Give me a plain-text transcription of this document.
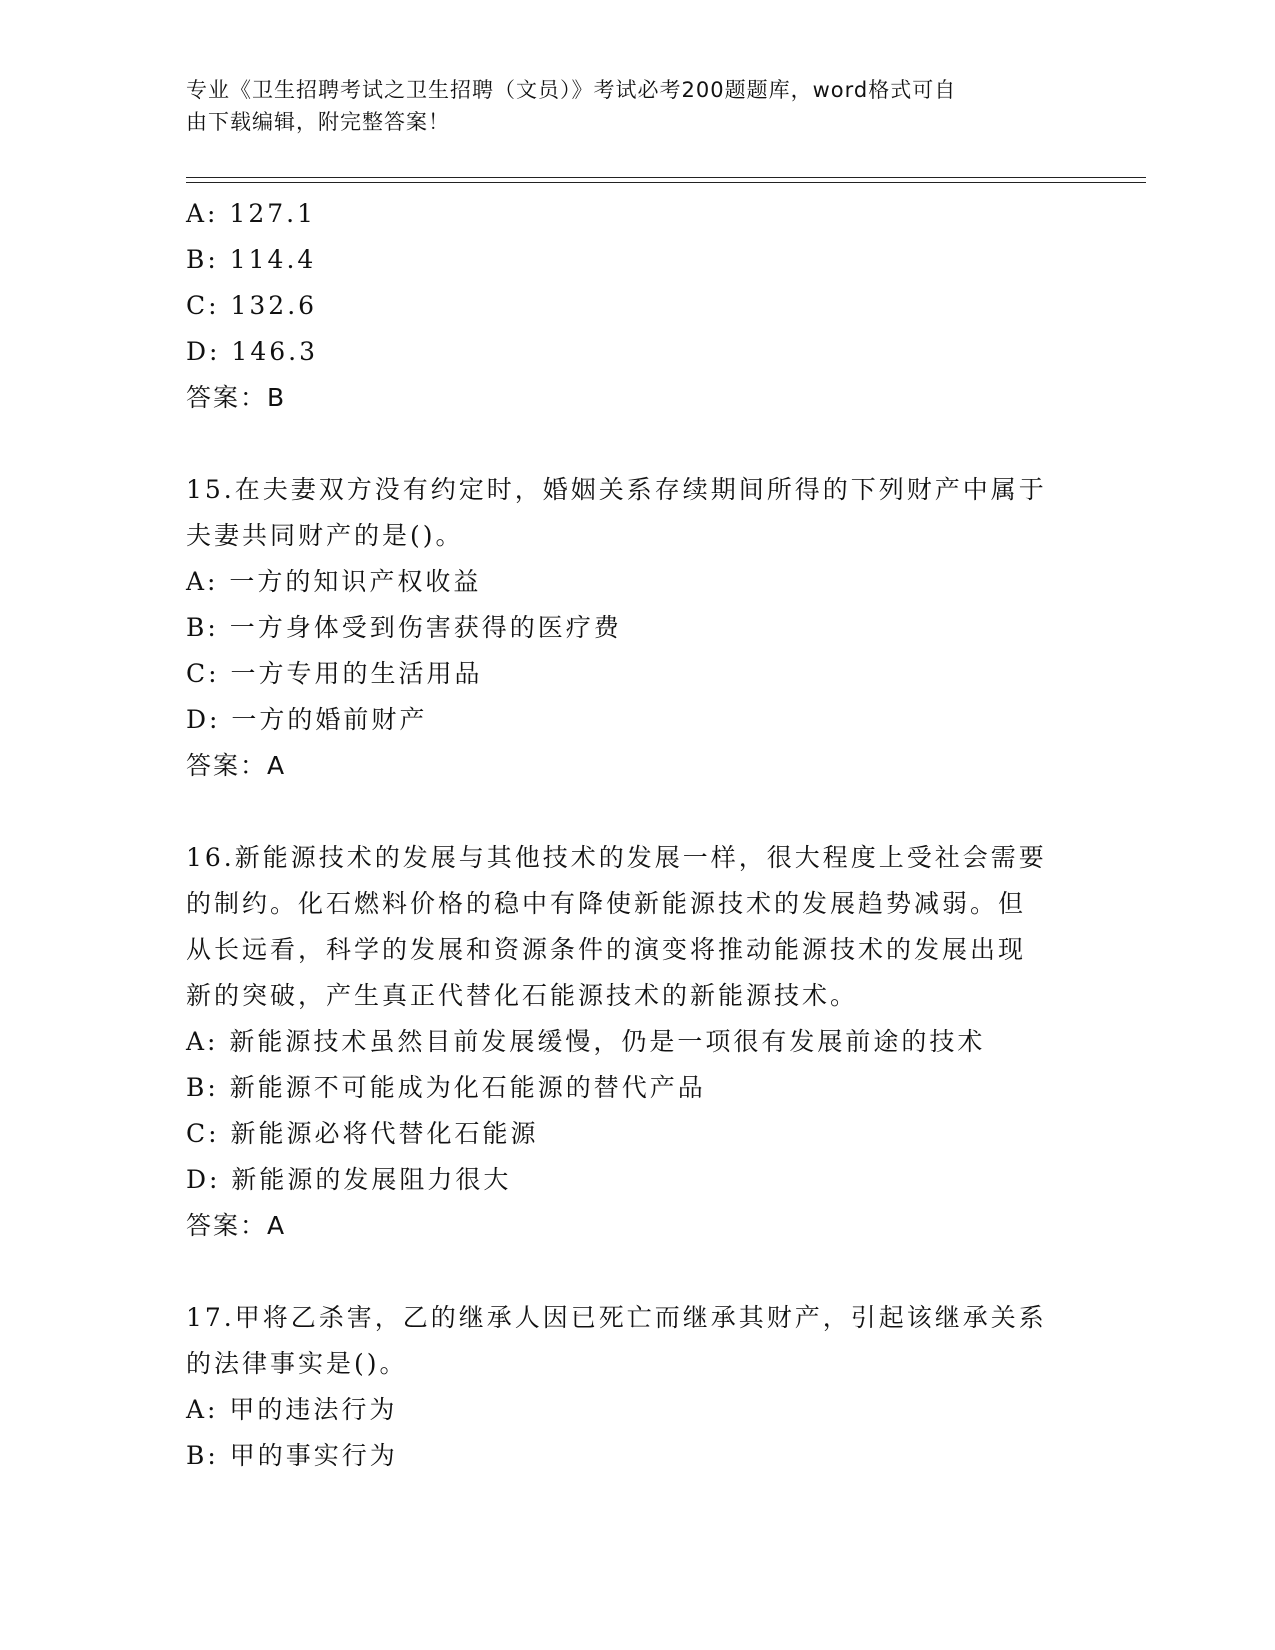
专业《卫生招聘考试之卫生招聘（文员）》考试必考200题题库，word格式可自
由下载编辑，附完整答案！
A: 127.1
B: 114.4
C: 132.6
D: 146.3
答案：B
15.在夫妻双方没有约定时，婚姻关系存续期间所得的下列财产中属于
夫妻共同财产的是()。
A: 一方的知识产权收益
B: 一方身体受到伤害获得的医疗费
C: 一方专用的生活用品
D: 一方的婚前财产
答案：A
16.新能源技术的发展与其他技术的发展一样，很大程度上受社会需要
的制约。化石燃料价格的稳中有降使新能源技术的发展趋势减弱。但
从长远看，科学的发展和资源条件的演变将推动能源技术的发展出现
新的突破，产生真正代替化石能源技术的新能源技术。
A: 新能源技术虽然目前发展缓慢，仍是一项很有发展前途的技术
B: 新能源不可能成为化石能源的替代产品
C: 新能源必将代替化石能源
D: 新能源的发展阻力很大
答案：A
17.甲将乙杀害，乙的继承人因已死亡而继承其财产，引起该继承关系
的法律事实是()。
A: 甲的违法行为
B: 甲的事实行为
